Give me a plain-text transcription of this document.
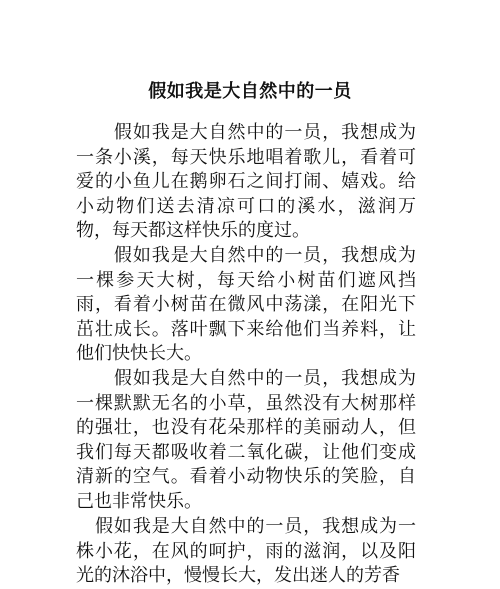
假如我是大自然中的一员

　　假如我是大自然中的一员，我想成为一条小溪，每天快乐地唱着歌儿，看着可爱的小鱼儿在鹅卵石之间打闹、嬉戏。给小动物们送去清凉可口的溪水，滋润万物，每天都这样快乐的度过。

　　假如我是大自然中的一员，我想成为一棵参天大树，每天给小树苗们遮风挡雨，看着小树苗在微风中荡漾，在阳光下茁壮成长。落叶飘下来给他们当养料，让他们快快长大。

　　假如我是大自然中的一员，我想成为一棵默默无名的小草，虽然没有大树那样的强壮，也没有花朵那样的美丽动人，但我们每天都吸收着二氧化碳，让他们变成清新的空气。看着小动物快乐的笑脸，自己也非常快乐。

　假如我是大自然中的一员，我想成为一株小花，在风的呵护，雨的滋润，以及阳光的沐浴中，慢慢长大，发出迷人的芳香
